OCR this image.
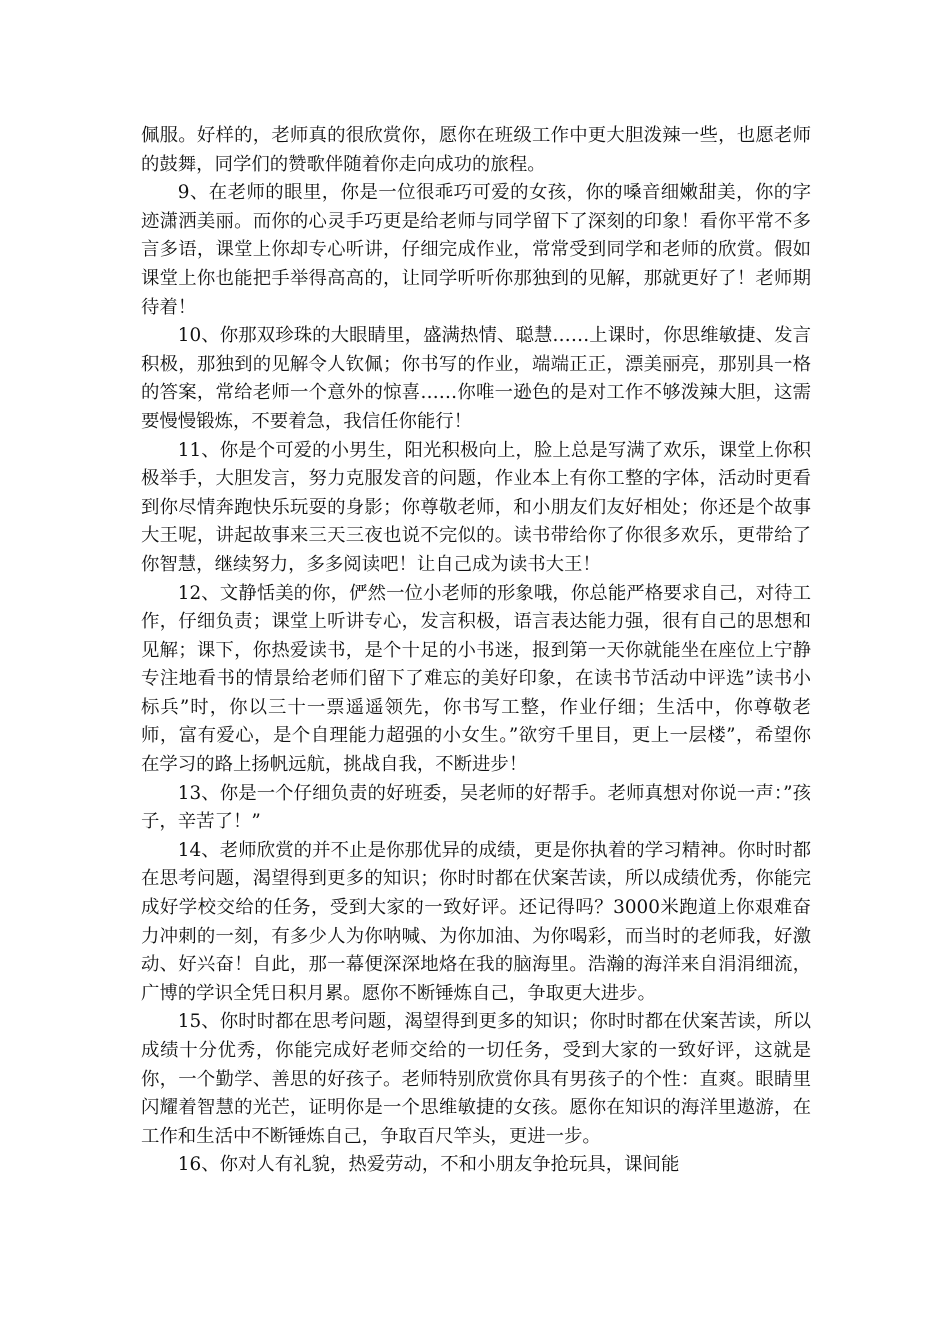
佩服。好样的，老师真的很欣赏你，愿你在班级工作中更大胆泼辣一些，也愿老师的鼓舞，同学们的赞歌伴随着你走向成功的旅程。

9、在老师的眼里，你是一位很乖巧可爱的女孩，你的嗓音细嫩甜美，你的字迹潇洒美丽。而你的心灵手巧更是给老师与同学留下了深刻的印象！看你平常不多言多语，课堂上你却专心听讲，仔细完成作业，常常受到同学和老师的欣赏。假如课堂上你也能把手举得高高的，让同学听听你那独到的见解，那就更好了！老师期待着！

10、你那双珍珠的大眼睛里，盛满热情、聪慧……上课时，你思维敏捷、发言积极，那独到的见解令人钦佩；你书写的作业，端端正正，漂美丽亮，那别具一格的答案，常给老师一个意外的惊喜……你唯一逊色的是对工作不够泼辣大胆，这需要慢慢锻炼，不要着急，我信任你能行！

11、你是个可爱的小男生，阳光积极向上，脸上总是写满了欢乐，课堂上你积极举手，大胆发言，努力克服发音的问题，作业本上有你工整的字体，活动时更看到你尽情奔跑快乐玩耍的身影；你尊敬老师，和小朋友们友好相处；你还是个故事大王呢，讲起故事来三天三夜也说不完似的。读书带给你了你很多欢乐，更带给了你智慧，继续努力，多多阅读吧！让自己成为读书大王！

12、文静恬美的你，俨然一位小老师的形象哦，你总能严格要求自己，对待工作，仔细负责；课堂上听讲专心，发言积极，语言表达能力强，很有自己的思想和见解；课下，你热爱读书，是个十足的小书迷，报到第一天你就能坐在座位上宁静专注地看书的情景给老师们留下了难忘的美好印象，在读书节活动中评选”读书小标兵”时，你以三十一票遥遥领先，你书写工整，作业仔细；生活中，你尊敬老师，富有爱心，是个自理能力超强的小女生。”欲穷千里目，更上一层楼”，希望你在学习的路上扬帆远航，挑战自我，不断进步！

13、你是一个仔细负责的好班委，吴老师的好帮手。老师真想对你说一声：”孩子，辛苦了！”

14、老师欣赏的并不止是你那优异的成绩，更是你执着的学习精神。你时时都在思考问题，渴望得到更多的知识；你时时都在伏案苦读，所以成绩优秀，你能完成好学校交给的任务，受到大家的一致好评。还记得吗？3000米跑道上你艰难奋力冲刺的一刻，有多少人为你呐喊、为你加油、为你喝彩，而当时的老师我，好激动、好兴奋！自此，那一幕便深深地烙在我的脑海里。浩瀚的海洋来自涓涓细流，广博的学识全凭日积月累。愿你不断锤炼自己，争取更大进步。

15、你时时都在思考问题，渴望得到更多的知识；你时时都在伏案苦读，所以成绩十分优秀，你能完成好老师交给的一切任务，受到大家的一致好评，这就是你，一个勤学、善思的好孩子。老师特别欣赏你具有男孩子的个性：直爽。眼睛里闪耀着智慧的光芒，证明你是一个思维敏捷的女孩。愿你在知识的海洋里遨游，在工作和生活中不断锤炼自己，争取百尺竿头，更进一步。

16、你对人有礼貌，热爱劳动，不和小朋友争抢玩具，课间能
